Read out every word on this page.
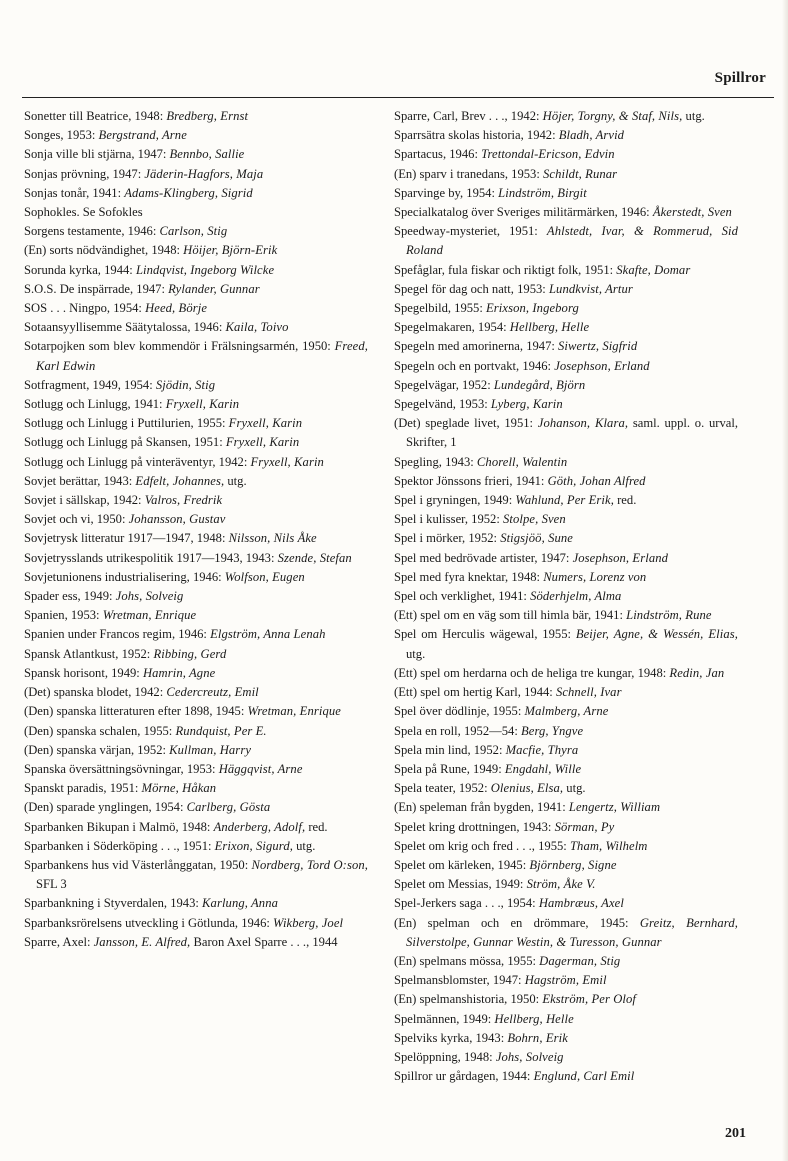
Spillror

Sonetter till Beatrice, 1948: Bredberg, Ernst

Songes, 1953: Bergstrand, Arne

Sonja ville bli stjärna, 1947: Bennbo, Sallie

Sonjas prövning, 1947: Jäderin-Hagfors, Maja

Sonjas tonår, 1941: Adams-Klingberg, Sigrid

Sophokles. Se Sofokles

Sorgens testamente, 1946: Carlson, Stig

(En) sorts nödvändighet, 1948: Höijer, Björn-Erik

Sorunda kyrka, 1944: Lindqvist, Ingeborg Wilcke

S.O.S. De inspärrade, 1947: Rylander, Gunnar

SOS . . . Ningpo, 1954: Heed, Börje

Sotaansyyllisemme Säätytalossa, 1946: Kaila, Toivo

Sotarpojken som blev kommendör i Frälsningsarmén, 1950: Freed, Karl Edwin

Sotfragment, 1949, 1954: Sjödin, Stig

Sotlugg och Linlugg, 1941: Fryxell, Karin

Sotlugg och Linlugg i Puttilurien, 1955: Fryxell, Karin

Sotlugg och Linlugg på Skansen, 1951: Fryxell, Karin

Sotlugg och Linlugg på vinteräventyr, 1942: Fryxell, Karin

Sovjet berättar, 1943: Edfelt, Johannes, utg.

Sovjet i sällskap, 1942: Valros, Fredrik

Sovjet och vi, 1950: Johansson, Gustav

Sovjetrysk litteratur 1917—1947, 1948: Nilsson, Nils Åke

Sovjetrysslands utrikespolitik 1917—1943, 1943: Szende, Stefan

Sovjetunionens industrialisering, 1946: Wolfson, Eugen

Spader ess, 1949: Johs, Solveig

Spanien, 1953: Wretman, Enrique

Spanien under Francos regim, 1946: Elgström, Anna Lenah

Spansk Atlantkust, 1952: Ribbing, Gerd

Spansk horisont, 1949: Hamrin, Agne

(Det) spanska blodet, 1942: Cedercreutz, Emil

(Den) spanska litteraturen efter 1898, 1945: Wretman, Enrique

(Den) spanska schalen, 1955: Rundquist, Per E.

(Den) spanska värjan, 1952: Kullman, Harry

Spanska översättningsövningar, 1953: Häggqvist, Arne

Spanskt paradis, 1951: Mörne, Håkan

(Den) sparade ynglingen, 1954: Carlberg, Gösta

Sparbanken Bikupan i Malmö, 1948: Anderberg, Adolf, red.

Sparbanken i Söderköping . . ., 1951: Erixon, Sigurd, utg.

Sparbankens hus vid Västerlånggatan, 1950: Nordberg, Tord O:son, SFL 3

Sparbankning i Styverdalen, 1943: Karlung, Anna

Sparbanksrörelsens utveckling i Götlunda, 1946: Wikberg, Joel

Sparre, Axel: Jansson, E. Alfred, Baron Axel Sparre . . ., 1944

Sparre, Carl, Brev . . ., 1942: Höjer, Torgny, & Staf, Nils, utg.

Sparrsätra skolas historia, 1942: Bladh, Arvid

Spartacus, 1946: Trettondal-Ericson, Edvin

(En) sparv i tranedans, 1953: Schildt, Runar

Sparvinge by, 1954: Lindström, Birgit

Specialkatalog över Sveriges militärmärken, 1946: Åkerstedt, Sven

Speedway-mysteriet, 1951: Ahlstedt, Ivar, & Rommerud, Sid Roland

Spefåglar, fula fiskar och riktigt folk, 1951: Skafte, Domar

Spegel för dag och natt, 1953: Lundkvist, Artur

Spegelbild, 1955: Erixson, Ingeborg

Spegelmakaren, 1954: Hellberg, Helle

Spegeln med amorinerna, 1947: Siwertz, Sigfrid

Spegeln och en portvakt, 1946: Josephson, Erland

Spegelvägar, 1952: Lundegård, Björn

Spegelvänd, 1953: Lyberg, Karin

(Det) speglade livet, 1951: Johanson, Klara, saml. uppl. o. urval, Skrifter, 1

Spegling, 1943: Chorell, Walentin

Spektor Jönssons frieri, 1941: Göth, Johan Alfred

Spel i gryningen, 1949: Wahlund, Per Erik, red.

Spel i kulisser, 1952: Stolpe, Sven

Spel i mörker, 1952: Stigsjöö, Sune

Spel med bedrövade artister, 1947: Josephson, Erland

Spel med fyra knektar, 1948: Numers, Lorenz von

Spel och verklighet, 1941: Söderhjelm, Alma

(Ett) spel om en väg som till himla bär, 1941: Lindström, Rune

Spel om Herculis wägewal, 1955: Beijer, Agne, & Wessén, Elias, utg.

(Ett) spel om herdarna och de heliga tre kungar, 1948: Redin, Jan

(Ett) spel om hertig Karl, 1944: Schnell, Ivar

Spel över dödlinje, 1955: Malmberg, Arne

Spela en roll, 1952—54: Berg, Yngve

Spela min lind, 1952: Macfie, Thyra

Spela på Rune, 1949: Engdahl, Wille

Spela teater, 1952: Olenius, Elsa, utg.

(En) speleman från bygden, 1941: Lengertz, William

Spelet kring drottningen, 1943: Sörman, Py

Spelet om krig och fred . . ., 1955: Tham, Wilhelm

Spelet om kärleken, 1945: Björnberg, Signe

Spelet om Messias, 1949: Ström, Åke V.

Spel-Jerkers saga . . ., 1954: Hambræus, Axel

(En) spelman och en drömmare, 1945: Greitz, Bernhard, Silverstolpe, Gunnar Westin, & Turesson, Gunnar

(En) spelmans mössa, 1955: Dagerman, Stig

Spelmansblomster, 1947: Hagström, Emil

(En) spelmanshistoria, 1950: Ekström, Per Olof

Spelmännen, 1949: Hellberg, Helle

Spelviks kyrka, 1943: Bohrn, Erik

Spelöppning, 1948: Johs, Solveig

Spillror ur gårdagen, 1944: Englund, Carl Emil

201
